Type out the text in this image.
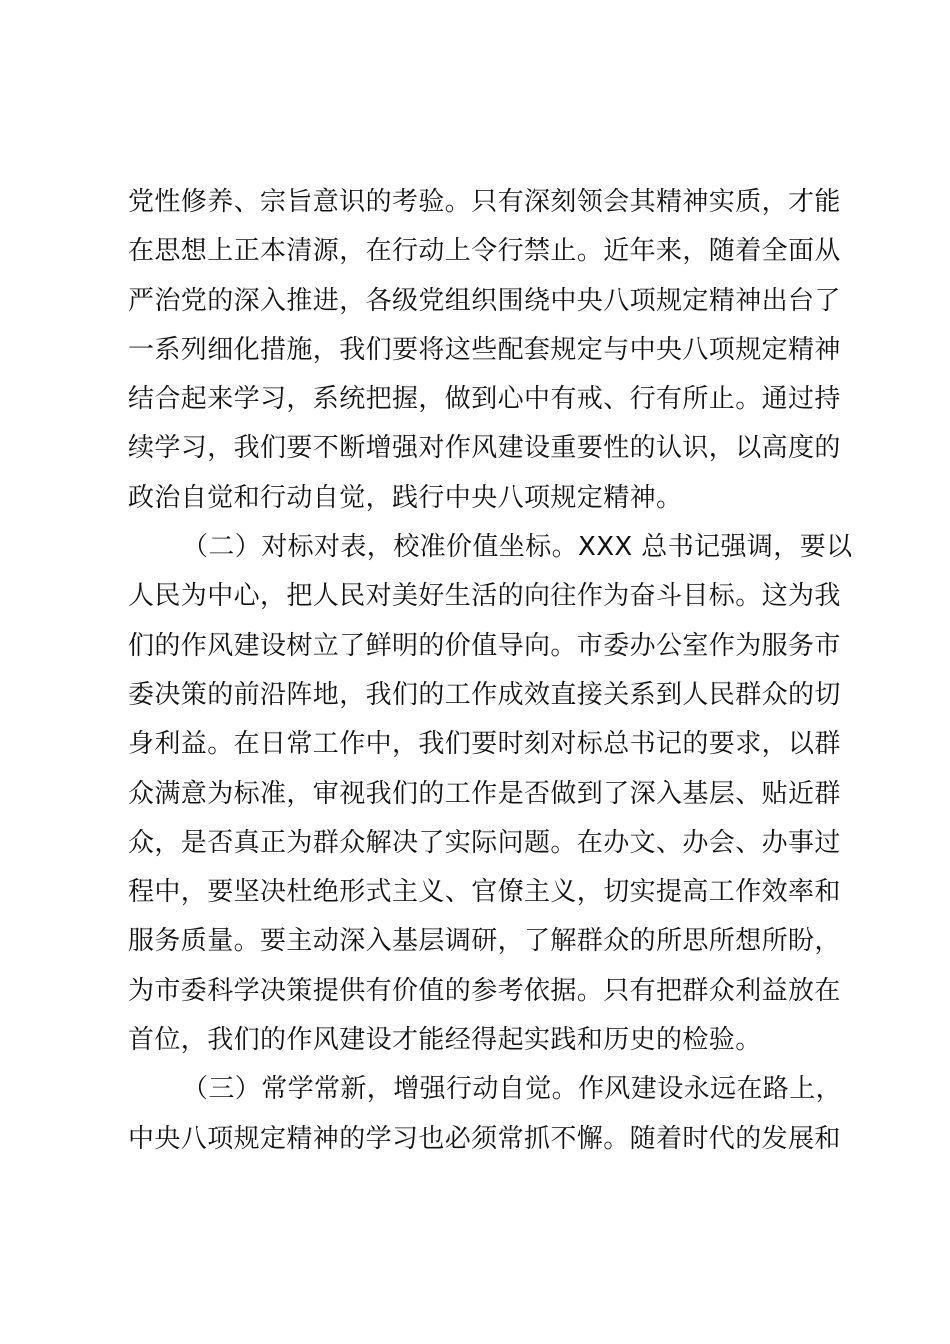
党性修养、宗旨意识的考验。只有深刻领会其精神实质，才能
在思想上正本清源，在行动上令行禁止。近年来，随着全面从
严治党的深入推进，各级党组织围绕中央八项规定精神出台了
一系列细化措施，我们要将这些配套规定与中央八项规定精神
结合起来学习，系统把握，做到心中有戒、行有所止。通过持
续学习，我们要不断增强对作风建设重要性的认识，以高度的
政治自觉和行动自觉，践行中央八项规定精神。
（二）对标对表，校准价值坐标。XXX 总书记强调，要以
人民为中心，把人民对美好生活的向往作为奋斗目标。这为我
们的作风建设树立了鲜明的价值导向。市委办公室作为服务市
委决策的前沿阵地，我们的工作成效直接关系到人民群众的切
身利益。在日常工作中，我们要时刻对标总书记的要求，以群
众满意为标准，审视我们的工作是否做到了深入基层、贴近群
众，是否真正为群众解决了实际问题。在办文、办会、办事过
程中，要坚决杜绝形式主义、官僚主义，切实提高工作效率和
服务质量。要主动深入基层调研，了解群众的所思所想所盼，
为市委科学决策提供有价值的参考依据。只有把群众利益放在
首位，我们的作风建设才能经得起实践和历史的检验。
（三）常学常新，增强行动自觉。作风建设永远在路上，
中央八项规定精神的学习也必须常抓不懈。随着时代的发展和
